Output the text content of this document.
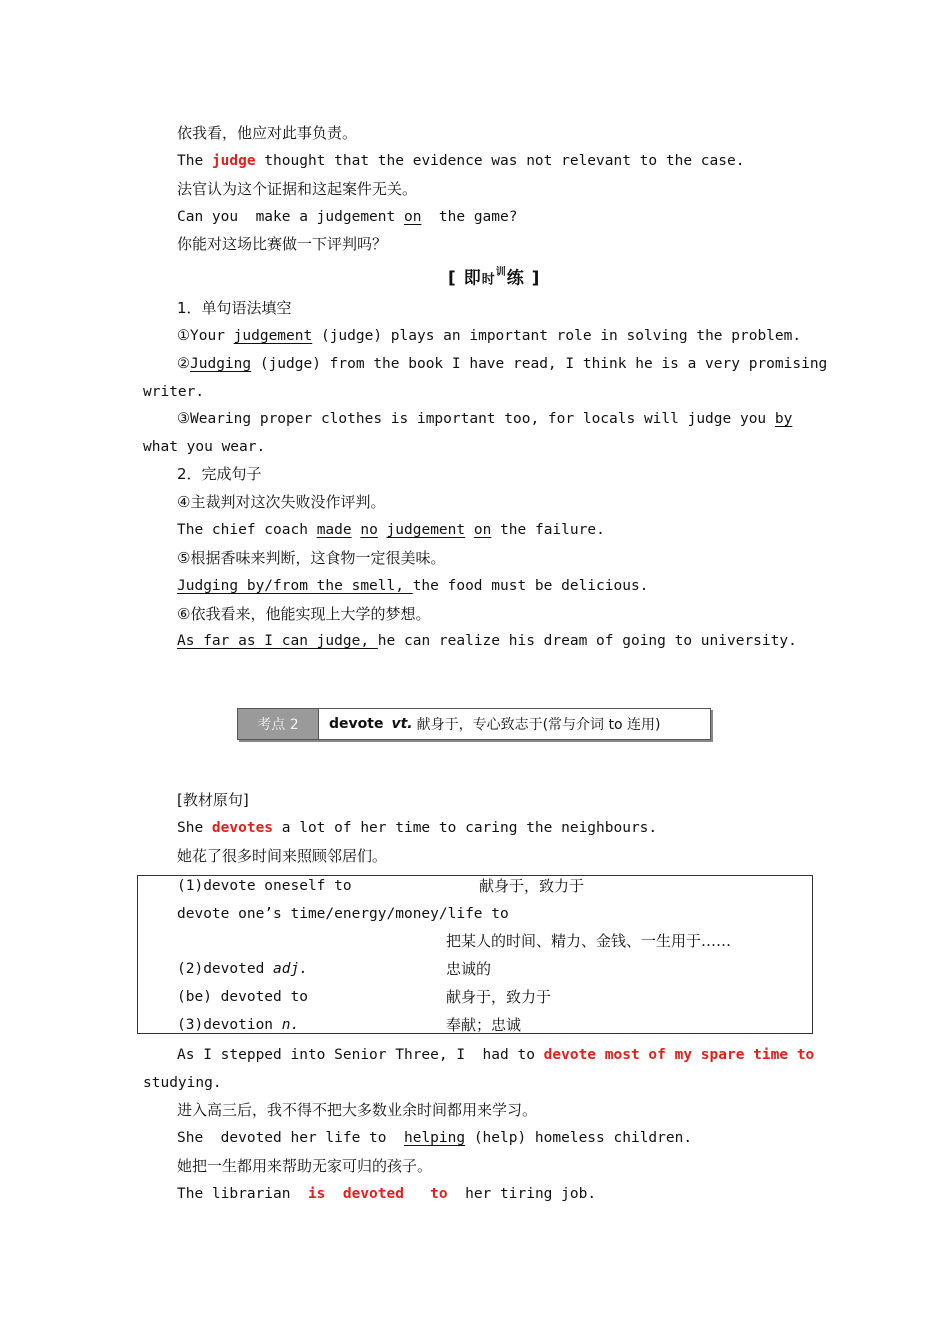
依我看，他应对此事负责。
The judge thought that the evidence was not relevant to the case.
法官认为这个证据和这起案件无关。
Can you  make a judgement on  the game?
你能对这场比赛做一下评判吗？
[ 即时$^训$练 ]
1．单句语法填空
①Your judgement (judge) plays an important role in solving the problem.
②Judging (judge) from the book I have read, I think he is a very promising
writer.
③Wearing proper clothes is important too, for locals will judge you by
what you wear.
2．完成句子
④主裁判对这次失败没作评判。
The chief coach made no judgement on the failure.
⑤根据香味来判断，这食物一定很美味。
Judging by/from the smell, the food must be delicious.
⑥依我看来，他能实现上大学的梦想。
As far as I can judge, he can realize his dream of going to university.
考点 2	devote vt. 献身于，专心致志于(常与介词 to 连用)
[教材原句]
She devotes a lot of her time to caring the neighbours.
她花了很多时间来照顾邻居们。
(1)devote oneself to	献身于，致力于
devote one’s time/energy/money/life to
把某人的时间、精力、金钱、一生用于……
(2)devoted adj.	忠诚的
(be) devoted to	献身于，致力于
(3)devotion n.	奉献；忠诚
As I stepped into Senior Three, I  had to devote most of my spare time to
studying.
进入高三后，我不得不把大多数业余时间都用来学习。
She  devoted her life to  helping (help) homeless children.
她把一生都用来帮助无家可归的孩子。
The librarian  is  devoted   to  her tiring job.
